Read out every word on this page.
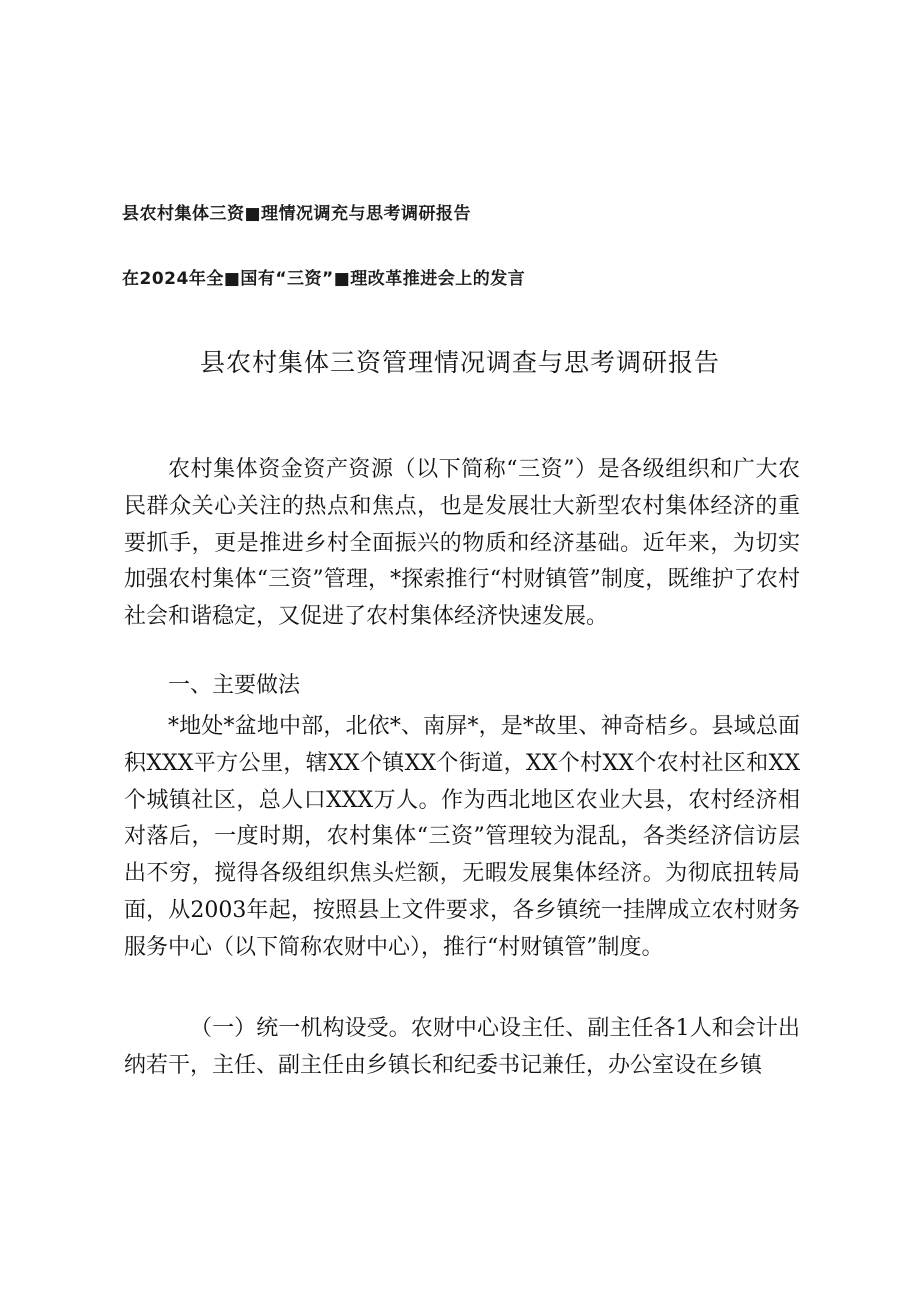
县农村集体三资■理情况调充与思考调研报告
在2024年全■国有“三资”■理改革推进会上的发言
县农村集体三资管理情况调查与思考调研报告
农村集体资金资产资源（以下简称“三资”）是各级组织和广大农民群众关心关注的热点和焦点，也是发展壮大新型农村集体经济的重要抓手，更是推进乡村全面振兴的物质和经济基础。近年来，为切实加强农村集体“三资”管理，*探索推行“村财镇管”制度，既维护了农村社会和谐稳定，又促进了农村集体经济快速发展。
一、主要做法
*地处*盆地中部，北依*、南屏*，是*故里、神奇桔乡。县域总面积XXX平方公里，辖XX个镇XX个街道，XX个村XX个农村社区和XX个城镇社区，总人口XXX万人。作为西北地区农业大县，农村经济相对落后，一度时期，农村集体“三资”管理较为混乱，各类经济信访层出不穷，搅得各级组织焦头烂额，无暇发展集体经济。为彻底扭转局面，从2003年起，按照县上文件要求，各乡镇统一挂牌成立农村财务服务中心（以下简称农财中心），推行“村财镇管”制度。
（一）统一机构设受。农财中心设主任、副主任各1人和会计出纳若干，主任、副主任由乡镇长和纪委书记兼任，办公室设在乡镇
